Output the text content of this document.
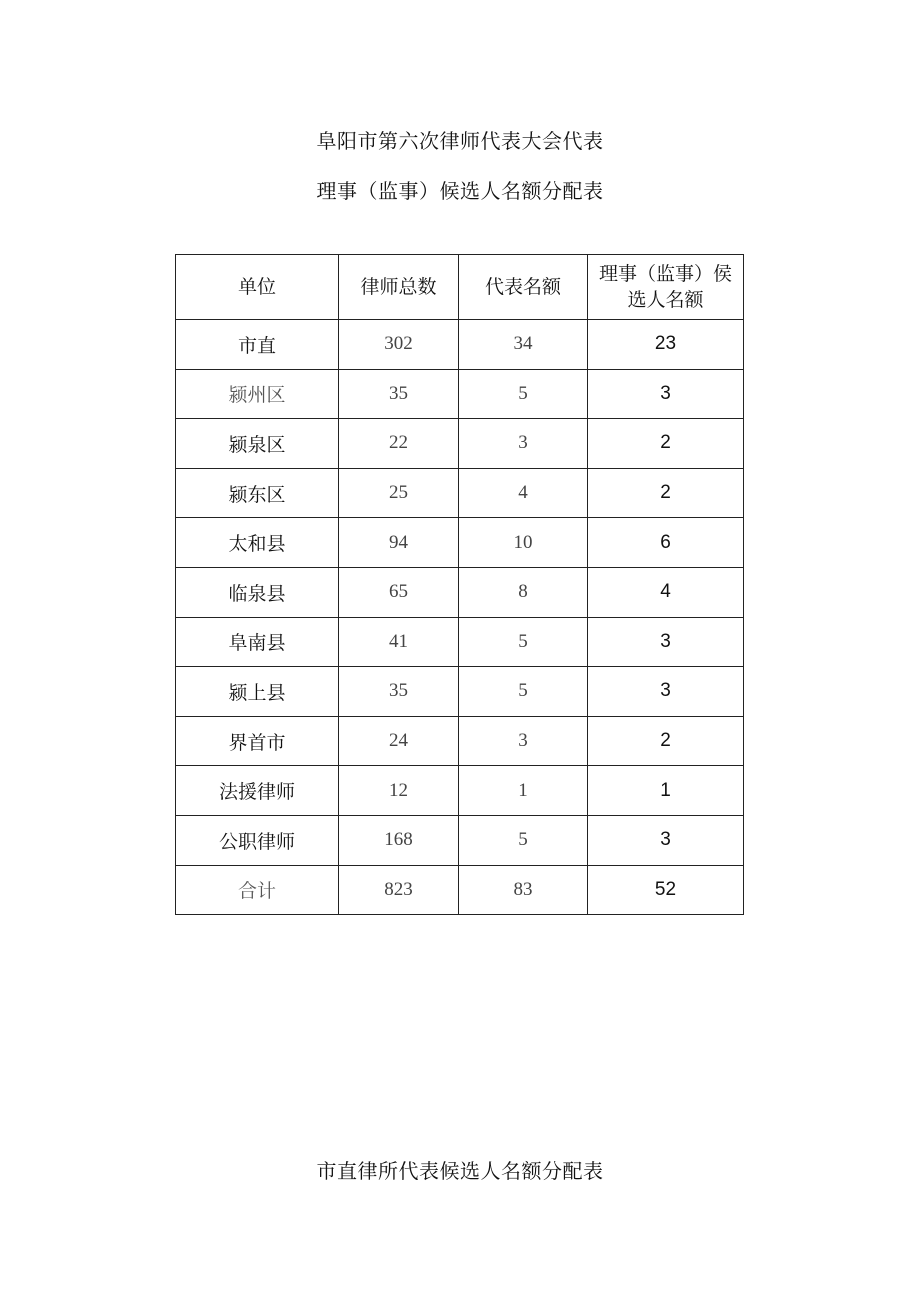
阜阳市第六次律师代表大会代表
理事（监事）候选人名额分配表
单位	律师总数	代表名额	理事（监事）侯
选人名额

市直	302	34	23
颍州区	35	5	3
颍泉区	22	3	2
颍东区	25	4	2
太和县	94	10	6
临泉县	65	8	4
阜南县	41	5	3
颍上县	35	5	3
界首市	24	3	2
法援律师	12	1	1
公职律师	168	5	3
合计	823	83	52
市直律所代表候选人名额分配表
